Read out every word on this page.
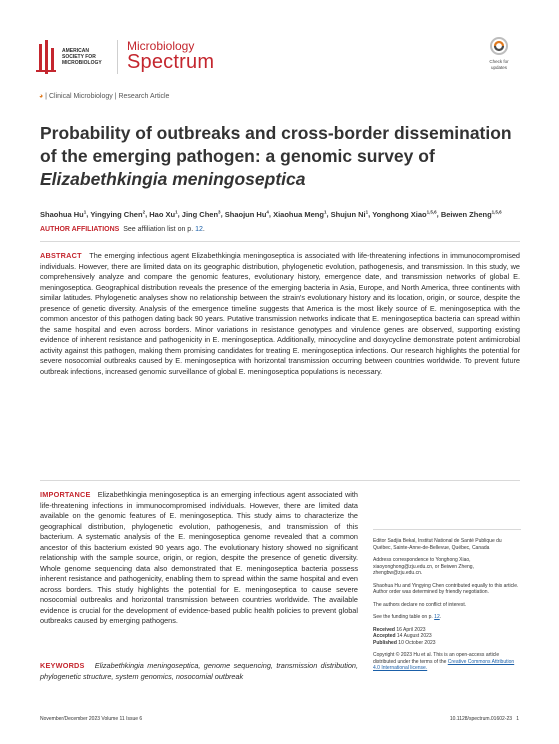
AMERICAN
SOCIETY FOR
MICROBIOLOGY
Microbiology
Spectrum	Check for
updates
◕ | Clinical Microbiology | Research Article
Probability of outbreaks and cross-border dissemination of the emerging pathogen: a genomic survey of Elizabethkingia meningoseptica
Shaohua Hu$^1$, Yingying Chen$^2$, Hao Xu$^1$, Jing Chen$^3$, Shaojun Hu$^4$, Xiaohua Meng$^1$, Shujun Ni$^1$, Yonghong Xiao$^{1,5,6}$, Beiwen Zheng$^{1,5,6}$
AUTHOR AFFILIATIONS See affiliation list on p. 12.
ABSTRACT The emerging infectious agent Elizabethkingia meningoseptica is associated with life-threatening infections in immunocompromised individuals. However, there are limited data on its geographic distribution, phylogenetic evolution, pathogenesis, and transmission. In this study, we comprehensively analyze and compare the genomic features, evolutionary history, emergence date, and transmission networks of global E. meningoseptica. Geographical distribution reveals the presence of the emerging bacteria in Asia, Europe, and North America, three continents with similar latitudes. Phylogenetic analyses show no relationship between the strain's evolutionary history and its location, origin, or source, despite the presence of genetic diversity. Analysis of the emergence timeline suggests that America is the most likely source of E. meningoseptica with the common ancestor of this pathogen dating back 90 years. Putative transmission networks indicate that E. meningoseptica bacteria can spread within the same hospital and even across borders. Minor variations in resistance genotypes and virulence genes are observed, supporting existing evidence of inherent resistance and pathogenicity in E. meningoseptica. Additionally, minocycline and doxycycline demonstrate potent antimicrobial activity against this pathogen, making them promising candidates for treating E. meningoseptica infections. Our research highlights the potential for severe nosocomial outbreaks caused by E. meningoseptica with horizontal transmission occurring between countries worldwide. To prevent future outbreak infections, increased genomic surveillance of global E. meningoseptica populations is necessary.
IMPORTANCE Elizabethkingia meningoseptica is an emerging infectious agent associated with life-threatening infections in immunocompromised individuals. However, there are limited data available on the genomic features of E. meningoseptica. This study aims to characterize the geographical distribution, phylogenetic evolution, pathogenesis, and transmission of this bacterium. A systematic analysis of the E. meningoseptica genome revealed that a common ancestor of this bacterium existed 90 years ago. The evolutionary history showed no significant relationship with the sample source, origin, or region, despite the presence of genetic diversity. Whole genome sequencing data also demonstrated that E. meningoseptica bacteria possess inherent resistance and pathogenicity, enabling them to spread within the same hospital and even across borders. This study highlights the potential for E. meningoseptica to cause severe nosocomial outbreaks and horizontal transmission between countries worldwide. The available evidence is crucial for the development of evidence-based public health policies to prevent global outbreaks caused by emerging pathogens.
Editor Sadjia Bekal, Institut National de Santé Publique du Québec, Sainte-Anne-de-Bellevue, Québec, Canada
Address correspondence to Yonghong Xiao, xiaoyonghong@zju.edu.cn, or Beiwen Zheng, zhengbw@zju.edu.cn.
Shaohua Hu and Yingying Chen contributed equally to this article. Author order was determined by friendly negotiation.
The authors declare no conflict of interest.
See the funding table on p. 12.
Received 16 April 2023
Accepted 14 August 2023
Published 10 October 2023
Copyright © 2023 Hu et al. This is an open-access article distributed under the terms of the Creative Commons Attribution 4.0 International license.
KEYWORDS Elizabethkingia meningoseptica, genome sequencing, transmission distribution, phylogenetic structure, system genomics, nosocomial outbreak
November/December 2023 Volume 11 Issue 6	10.1128/spectrum.01602-23 1
